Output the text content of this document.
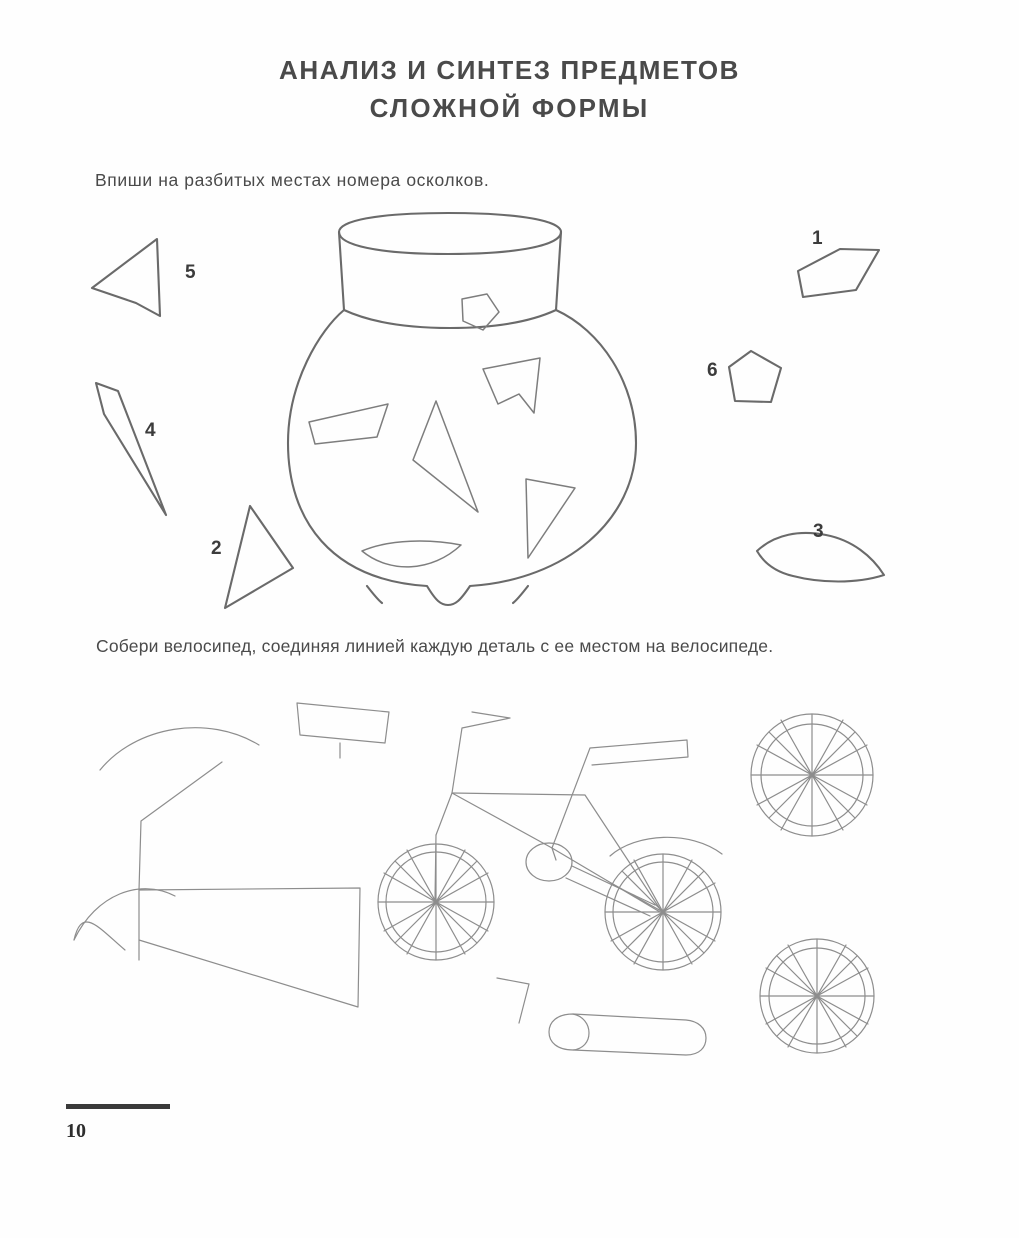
АНАЛИЗ И СИНТЕЗ ПРЕДМЕТОВ
СЛОЖНОЙ ФОРМЫ
Впиши на разбитых местах номера осколков.
5
4
2
1
6
3
Собери велосипед, соединяя линией каждую деталь с ее местом на велосипеде.
10
